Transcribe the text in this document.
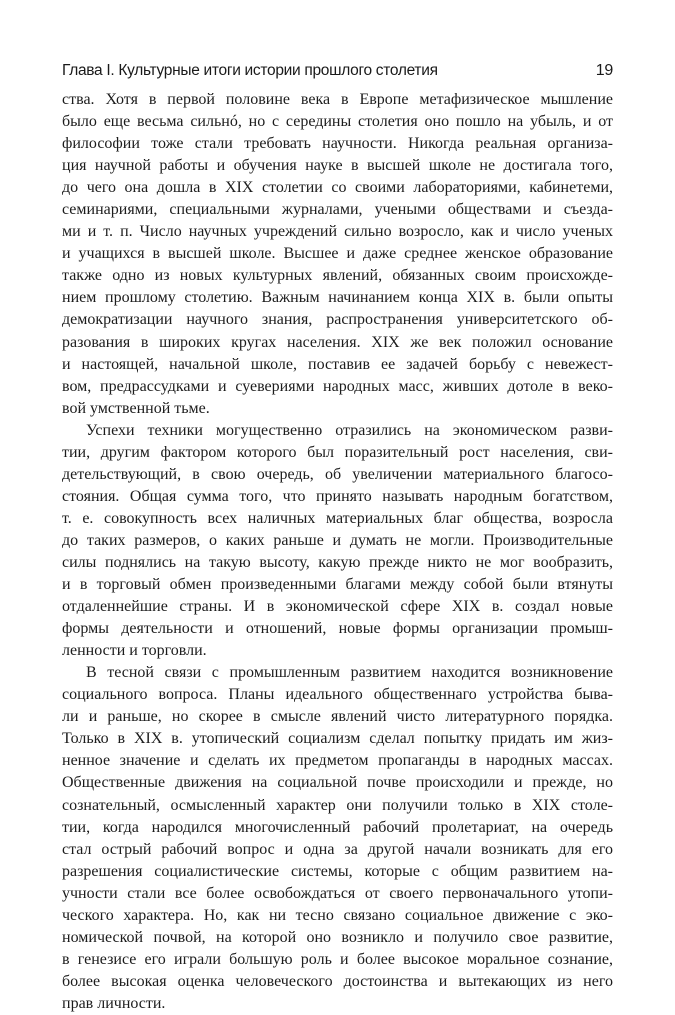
Глава I. Культурные итоги истории прошлого столетия	19
ства. Хотя в первой половине века в Европе метафизическое мышление
было еще весьма сильнó, но с середины столетия оно пошло на убыль, и от
философии тоже стали требовать научности. Никогда реальная организа-
ция научной работы и обучения науке в высшей школе не достигала того,
до чего она дошла в XIX столетии со своими лабораториями, кабинетеми,
семинариями, специальными журналами, учеными обществами и съезда-
ми и т. п. Число научных учреждений сильно возросло, как и число ученых
и учащихся в высшей школе. Высшее и даже среднее женское образование
также одно из новых культурных явлений, обязанных своим происхожде-
нием прошлому столетию. Важным начинанием конца XIX в. были опыты
демократизации научного знания, распространения университетского об-
разования в широких кругах населения. XIX же век положил основание
и настоящей, начальной школе, поставив ее задачей борьбу с невежест-
вом, предрассудками и суевериями народных масс, живших дотоле в веко-
вой умственной тьме.
Успехи техники могущественно отразились на экономическом разви-
тии, другим фактором которого был поразительный рост населения, сви-
детельствующий, в свою очередь, об увеличении материального благосо-
стояния. Общая сумма того, что принято называть народным богатством,
т. е. совокупность всех наличных материальных благ общества, возросла
до таких размеров, о каких раньше и думать не могли. Производительные
силы поднялись на такую высоту, какую прежде никто не мог вообразить,
и в торговый обмен произведенными благами между собой были втянуты
отдаленнейшие страны. И в экономической сфере XIX в. создал новые
формы деятельности и отношений, новые формы организации промыш-
ленности и торговли.
В тесной связи с промышленным развитием находится возникновение
социального вопроса. Планы идеального общественнаго устройства быва-
ли и раньше, но скорее в смысле явлений чисто литературного порядка.
Только в XIX в. утопический социализм сделал попытку придать им жиз-
ненное значение и сделать их предметом пропаганды в народных массах.
Общественные движения на социальной почве происходили и прежде, но
сознательный, осмысленный характер они получили только в XIX столе-
тии, когда народился многочисленный рабочий пролетариат, на очередь
стал острый рабочий вопрос и одна за другой начали возникать для его
разрешения социалистические системы, которые с общим развитием на-
учности стали все более освобождаться от своего первоначального утопи-
ческого характера. Но, как ни тесно связано социальное движение с эко-
номической почвой, на которой оно возникло и получило свое развитие,
в генезисе его играли большую роль и более высокое моральное сознание,
более высокая оценка человеческого достоинства и вытекающих из него
прав личности.
